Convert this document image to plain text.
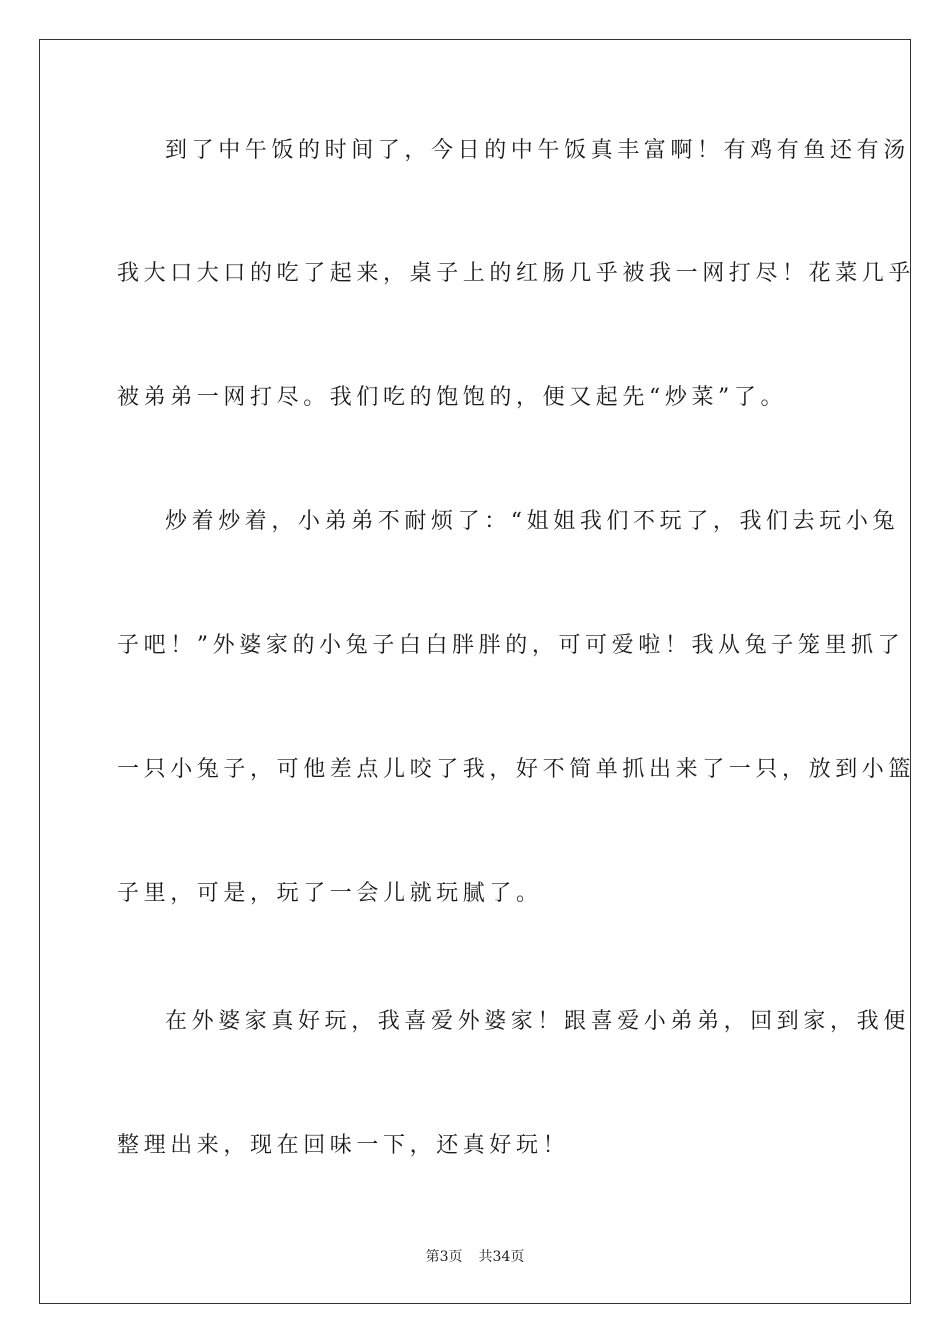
到了中午饭的时间了，今日的中午饭真丰富啊！有鸡有鱼还有汤
我大口大口的吃了起来，桌子上的红肠几乎被我一网打尽！花菜几乎
被弟弟一网打尽。我们吃的饱饱的，便又起先“炒菜”了。
炒着炒着，小弟弟不耐烦了：“姐姐我们不玩了，我们去玩小兔
子吧！”外婆家的小兔子白白胖胖的，可可爱啦！我从兔子笼里抓了
一只小兔子，可他差点儿咬了我，好不简单抓出来了一只，放到小篮
子里，可是，玩了一会儿就玩腻了。
在外婆家真好玩，我喜爱外婆家！跟喜爱小弟弟，回到家，我便
整理出来，现在回味一下，还真好玩！
第3页 共34页
